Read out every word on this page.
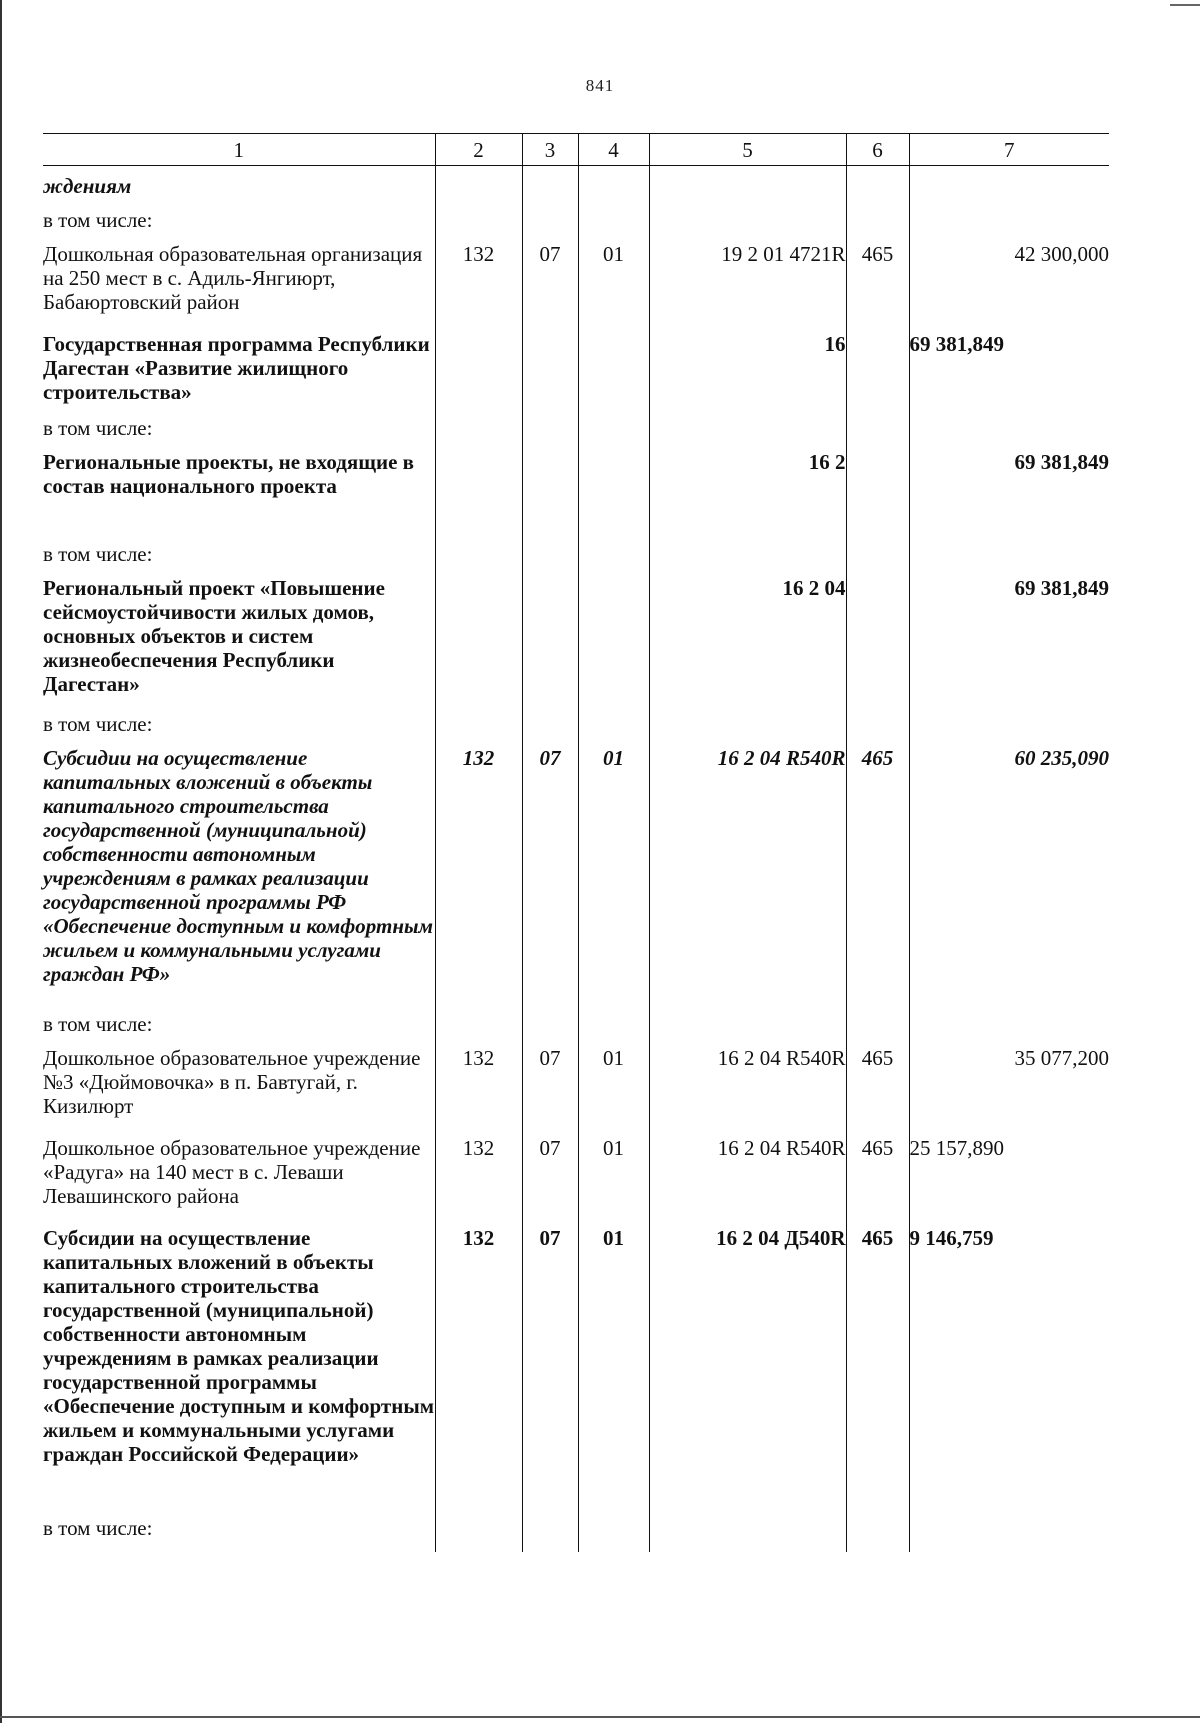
841
1	2	3	4	5	6	7
ждениям						
в том числе:						
Дошкольная образовательная организация на 250 мест в с. Адиль-Янгиюрт, Бабаюртовский район	132	07	01	19 2 01 4721R	465	42 300,000
Государственная программа Республики Дагестан «Развитие жилищного строительства»				16		69 381,849
в том числе:						
Региональные проекты, не входящие в состав национального проекта				16 2		69 381,849
в том числе:						
Региональный проект «Повышение сейсмоустойчивости жилых домов, основных объектов и систем жизнеобеспечения Республики Дагестан»				16 2 04		69 381,849
в том числе:						
Субсидии на осуществление капитальных вложений в объекты капитального строительства государственной (муниципальной) собственности автономным учреждениям в рамках реализации государственной программы РФ «Обеспечение доступным и комфортным жильем и коммунальными услугами граждан РФ»	132	07	01	16 2 04 R540R	465	60 235,090
в том числе:						
Дошкольное образовательное учреждение №3 «Дюймовочка» в п. Бавтугай, г. Кизилюрт	132	07	01	16 2 04 R540R	465	35 077,200
Дошкольное образовательное учреждение «Радуга» на 140 мест в с. Леваши Левашинского района	132	07	01	16 2 04 R540R	465	25 157,890
Субсидии на осуществление капитальных вложений в объекты капитального строительства государственной (муниципальной) собственности автономным учреждениям в рамках реализации государственной программы «Обеспечение доступным и комфортным жильем и коммунальными услугами граждан Российской Федерации»	132	07	01	16 2 04 Д540R	465	9 146,759
в том числе:						
